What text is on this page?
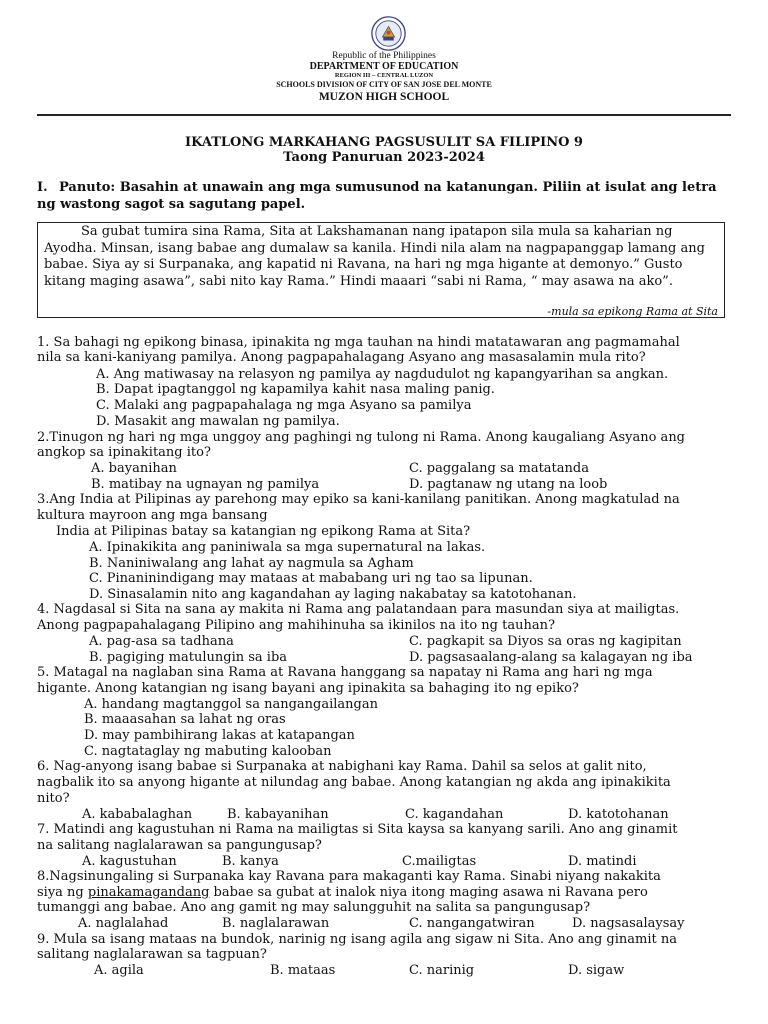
Republic of the Philippines
DEPARTMENT OF EDUCATION
REGION III – CENTRAL LUZON
SCHOOLS DIVISION OF CITY OF SAN JOSE DEL MONTE
MUZON HIGH SCHOOL
IKATLONG MARKAHANG PAGSUSULIT SA FILIPINO 9
Taong Panuruan 2023-2024
I. Panuto: Basahin at unawain ang mga sumusunod na katanungan. Piliin at isulat ang letra
ng wastong sagot sa sagutang papel.

Sa gubat tumira sina Rama, Sita at Lakshamanan nang ipatapon sila mula sa kaharian ng Ayodha. Minsan, isang babae ang dumalaw sa kanila. Hindi nila alam na nagpapanggap lamang ang babae. Siya ay si Surpanaka, ang kapatid ni Ravana, na hari ng mga higante at demonyo.” Gusto kitang maging asawa”, sabi nito kay Rama.” Hindi maaari “sabi ni Rama, “ may asawa na ako”.

-mula sa epikong Rama at Sita
1. Sa bahagi ng epikong binasa, ipinakita ng mga tauhan na hindi matatawaran ang pagmamahal
nila sa kani-kaniyang pamilya. Anong pagpapahalagang Asyano ang masasalamin mula rito?
A. Ang matiwasay na relasyon ng pamilya ay nagdudulot ng kapangyarihan sa angkan.
B. Dapat ipagtanggol ng kapamilya kahit nasa maling panig.
C. Malaki ang pagpapahalaga ng mga Asyano sa pamilya
D. Masakit ang mawalan ng pamilya.
2.Tinugon ng hari ng mga unggoy ang paghingi ng tulong ni Rama. Anong kaugaliang Asyano ang
angkop sa ipinakitang ito?
A. bayanihan	C. paggalang sa matatanda
B. matibay na ugnayan ng pamilya	D. pagtanaw ng utang na loob
3.Ang India at Pilipinas ay parehong may epiko sa kani-kanilang panitikan. Anong magkatulad na
kultura mayroon ang mga bansang
India at Pilipinas batay sa katangian ng epikong Rama at Sita?
A. Ipinakikita ang paniniwala sa mga supernatural na lakas.
B. Naniniwalang ang lahat ay nagmula sa Agham
C. Pinaninindigang may mataas at mababang uri ng tao sa lipunan.
D. Sinasalamin nito ang kagandahan ay laging nakabatay sa katotohanan.
4. Nagdasal si Sita na sana ay makita ni Rama ang palatandaan para masundan siya at mailigtas.
Anong pagpapahalagang Pilipino ang mahihinuha sa ikinilos na ito ng tauhan?
A. pag-asa sa tadhana	C. pagkapit sa Diyos sa oras ng kagipitan
B. pagiging matulungin sa iba	D. pagsasaalang-alang sa kalagayan ng iba
5. Matagal na naglaban sina Rama at Ravana hanggang sa napatay ni Rama ang hari ng mga
higante. Anong katangian ng isang bayani ang ipinakita sa bahaging ito ng epiko?
A. handang magtanggol sa nangangailangan
B. maaasahan sa lahat ng oras
D. may pambihirang lakas at katapangan
C. nagtataglay ng mabuting kalooban
6. Nag-anyong isang babae si Surpanaka at nabighani kay Rama. Dahil sa selos at galit nito,
nagbalik ito sa anyong higante at nilundag ang babae. Anong katangian ng akda ang ipinakikita
nito?
A. kababalaghan	B. kabayanihan	C. kagandahan	D. katotohanan
7. Matindi ang kagustuhan ni Rama na mailigtas si Sita kaysa sa kanyang sarili. Ano ang ginamit
na salitang naglalarawan sa pangungusap?
A. kagustuhan	B. kanya	C.mailigtas	D. matindi
8.Nagsinungaling si Surpanaka kay Ravana para makaganti kay Rama. Sinabi niyang nakakita
siya ng pinakamagandang babae sa gubat at inalok niya itong maging asawa ni Ravana pero
tumanggi ang babae. Ano ang gamit ng may salungguhit na salita sa pangungusap?
A. naglalahad	B. naglalarawan	C. nangangatwiran	D. nagsasalaysay
9. Mula sa isang mataas na bundok, narinig ng isang agila ang sigaw ni Sita. Ano ang ginamit na
salitang naglalarawan sa tagpuan?
A. agila	B. mataas	C. narinig	D. sigaw
